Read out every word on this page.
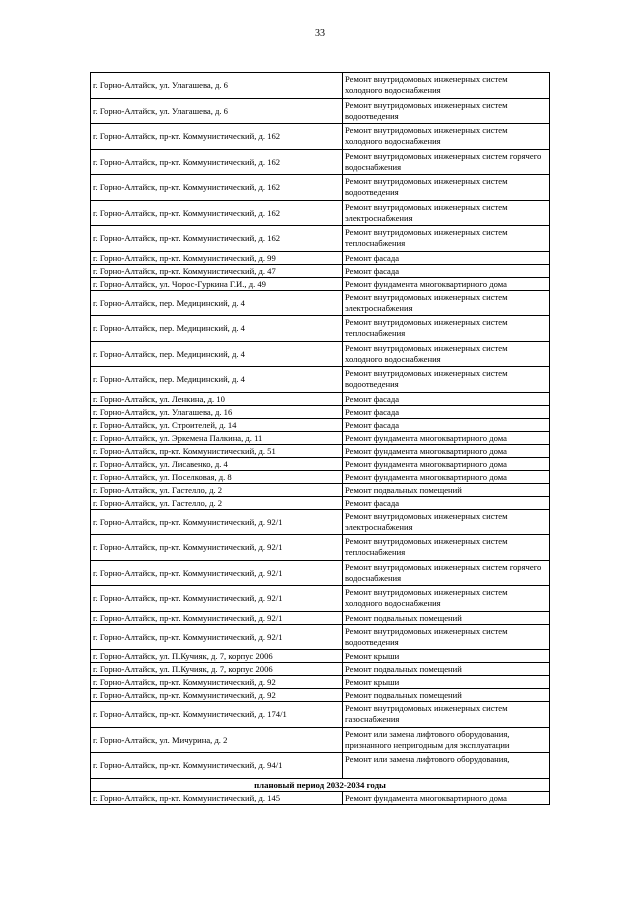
33
г. Горно-Алтайск, ул. Улагашева, д. 6	Ремонт внутридомовых инженерных систем холодного водоснабжения
г. Горно-Алтайск, ул. Улагашева, д. 6	Ремонт внутридомовых инженерных систем водоотведения
г. Горно-Алтайск, пр-кт. Коммунистический, д. 162	Ремонт внутридомовых инженерных систем холодного водоснабжения
г. Горно-Алтайск, пр-кт. Коммунистический, д. 162	Ремонт внутридомовых инженерных систем горячего водоснабжения
г. Горно-Алтайск, пр-кт. Коммунистический, д. 162	Ремонт внутридомовых инженерных систем водоотведения
г. Горно-Алтайск, пр-кт. Коммунистический, д. 162	Ремонт внутридомовых инженерных систем электроснабжения
г. Горно-Алтайск, пр-кт. Коммунистический, д. 162	Ремонт внутридомовых инженерных систем теплоснабжения
г. Горно-Алтайск, пр-кт. Коммунистический, д. 99	Ремонт фасада
г. Горно-Алтайск, пр-кт. Коммунистический, д. 47	Ремонт фасада
г. Горно-Алтайск, ул. Чорос-Гуркина Г.И., д. 49	Ремонт фундамента многоквартирного дома
г. Горно-Алтайск, пер. Медицинский, д. 4	Ремонт внутридомовых инженерных систем электроснабжения
г. Горно-Алтайск, пер. Медицинский, д. 4	Ремонт внутридомовых инженерных систем теплоснабжения
г. Горно-Алтайск, пер. Медицинский, д. 4	Ремонт внутридомовых инженерных систем холодного водоснабжения
г. Горно-Алтайск, пер. Медицинский, д. 4	Ремонт внутридомовых инженерных систем водоотведения
г. Горно-Алтайск, ул. Ленкина, д. 10	Ремонт фасада
г. Горно-Алтайск, ул. Улагашева, д. 16	Ремонт фасада
г. Горно-Алтайск, ул. Строителей, д. 14	Ремонт фасада
г. Горно-Алтайск, ул. Эркемена Палкина, д. 11	Ремонт фундамента многоквартирного дома
г. Горно-Алтайск, пр-кт. Коммунистический, д. 51	Ремонт фундамента многоквартирного дома
г. Горно-Алтайск, ул. Лисавенко, д. 4	Ремонт фундамента многоквартирного дома
г. Горно-Алтайск, ул. Поселковая, д. 8	Ремонт фундамента многоквартирного дома
г. Горно-Алтайск, ул. Гастелло, д. 2	Ремонт подвальных помещений
г. Горно-Алтайск, ул. Гастелло, д. 2	Ремонт фасада
г. Горно-Алтайск, пр-кт. Коммунистический, д. 92/1	Ремонт внутридомовых инженерных систем электроснабжения
г. Горно-Алтайск, пр-кт. Коммунистический, д. 92/1	Ремонт внутридомовых инженерных систем теплоснабжения
г. Горно-Алтайск, пр-кт. Коммунистический, д. 92/1	Ремонт внутридомовых инженерных систем горячего водоснабжения
г. Горно-Алтайск, пр-кт. Коммунистический, д. 92/1	Ремонт внутридомовых инженерных систем холодного водоснабжения
г. Горно-Алтайск, пр-кт. Коммунистический, д. 92/1	Ремонт подвальных помещений
г. Горно-Алтайск, пр-кт. Коммунистический, д. 92/1	Ремонт внутридомовых инженерных систем водоотведения
г. Горно-Алтайск, ул. П.Кучияк, д. 7, корпус 2006	Ремонт крыши
г. Горно-Алтайск, ул. П.Кучияк, д. 7, корпус 2006	Ремонт подвальных помещений
г. Горно-Алтайск, пр-кт. Коммунистический, д. 92	Ремонт крыши
г. Горно-Алтайск, пр-кт. Коммунистический, д. 92	Ремонт подвальных помещений
г. Горно-Алтайск, пр-кт. Коммунистический, д. 174/1	Ремонт внутридомовых инженерных систем газоснабжения
г. Горно-Алтайск, ул. Мичурина, д. 2	Ремонт или замена лифтового оборудования, признанного непригодным для эксплуатации
г. Горно-Алтайск, пр-кт. Коммунистический, д. 94/1	Ремонт или замена лифтового оборудования,
плановый период 2032-2034 годы	
г. Горно-Алтайск, пр-кт. Коммунистический, д. 145	Ремонт фундамента многоквартирного дома
